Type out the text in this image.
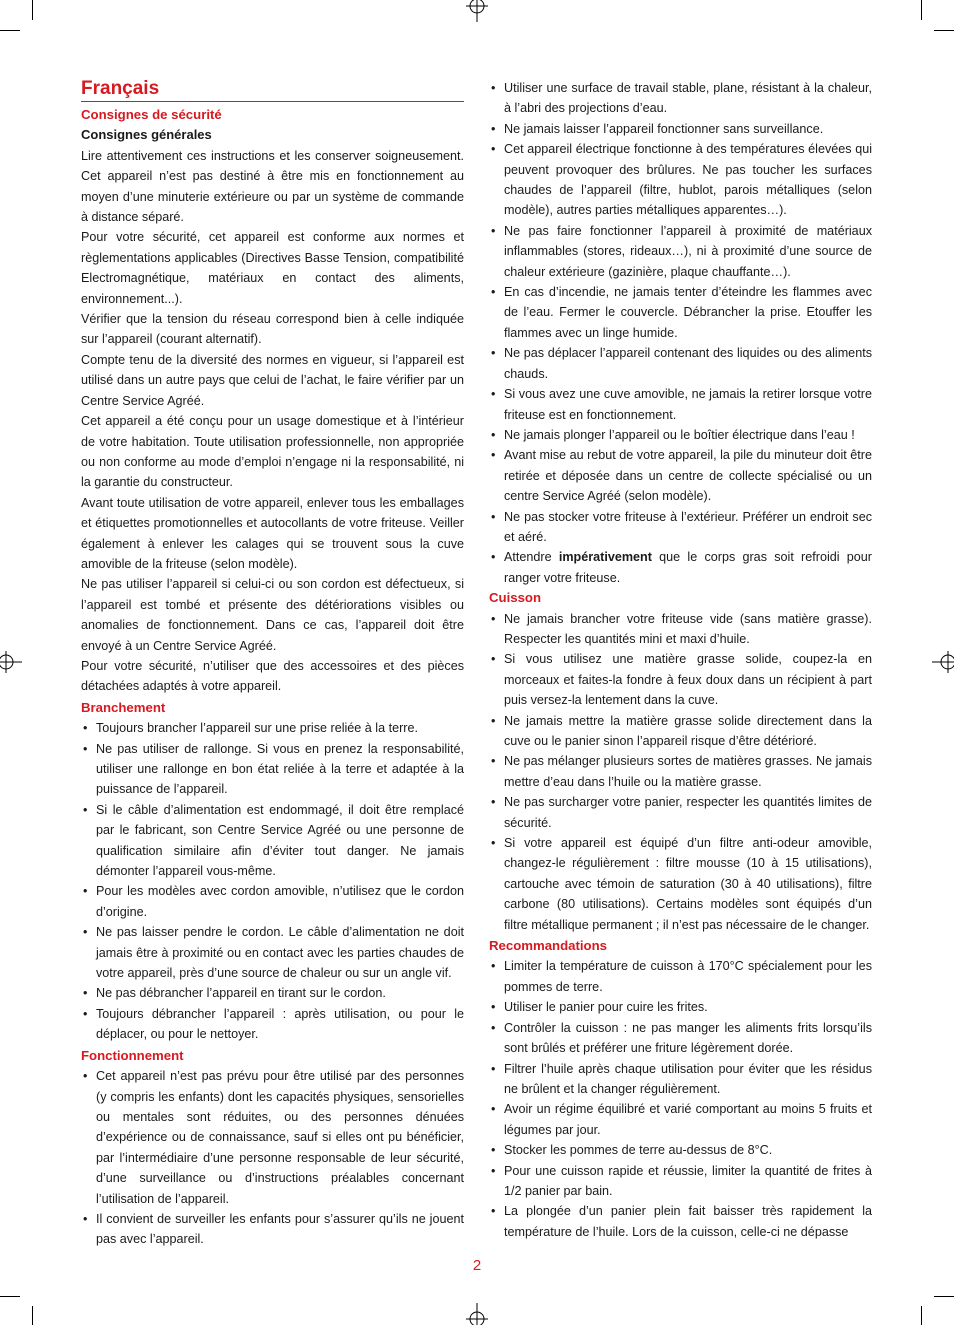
Français
Consignes de sécurité
Consignes générales

Lire attentivement ces instructions et les conserver soigneusement. Cet appareil n’est pas destiné à être mis en fonctionnement au moyen d’une minuterie extérieure ou par un système de commande à distance séparé.

Pour votre sécurité, cet appareil est conforme aux normes et règlementations applicables (Directives Basse Tension, compatibilité Electromagnétique, matériaux en contact des aliments, environnement...).

Vérifier que la tension du réseau correspond bien à celle indiquée sur l’appareil (courant alternatif).

Compte tenu de la diversité des normes en vigueur, si l’appareil est utilisé dans un autre pays que celui de l’achat, le faire vérifier par un Centre Service Agréé.

Cet appareil a été conçu pour un usage domestique et à l’intérieur de votre habitation. Toute utilisation professionnelle, non appropriée ou non conforme au mode d’emploi n’engage ni la responsabilité, ni la garantie du constructeur.

Avant toute utilisation de votre appareil, enlever tous les emballages et étiquettes promotionnelles et autocollants de votre friteuse. Veiller également à enlever les calages qui se trouvent sous la cuve amovible de la friteuse (selon modèle).

Ne pas utiliser l’appareil si celui-ci ou son cordon est défectueux, si l’appareil est tombé et présente des détériorations visibles ou anomalies de fonctionnement. Dans ce cas, l’appareil doit être envoyé à un Centre Service Agréé.

Pour votre sécurité, n’utiliser que des accessoires et des pièces détachées adaptés à votre appareil.

Branchement
• Toujours brancher l’appareil sur une prise reliée à la terre.
• Ne pas utiliser de rallonge. Si vous en prenez la responsabilité, utiliser une rallonge en bon état reliée à la terre et adaptée à la puissance de l’appareil.
• Si le câble d’alimentation est endommagé, il doit être remplacé par le fabricant, son Centre Service Agréé ou une personne de qualification similaire afin d’éviter tout danger. Ne jamais démonter l’appareil vous-même.
• Pour les modèles avec cordon amovible, n’utilisez que le cordon d’origine.
• Ne pas laisser pendre le cordon. Le câble d’alimentation ne doit jamais être à proximité ou en contact avec les parties chaudes de votre appareil, près d’une source de chaleur ou sur un angle vif.
• Ne pas débrancher l’appareil en tirant sur le cordon.
• Toujours débrancher l’appareil : après utilisation, ou pour le déplacer, ou pour le nettoyer.
Fonctionnement
• Cet appareil n’est pas prévu pour être utilisé par des personnes (y compris les enfants) dont les capacités physiques, sensorielles ou mentales sont réduites, ou des personnes dénuées d’expérience ou de connaissance, sauf si elles ont pu bénéficier, par l’intermédiaire d’une personne responsable de leur sécurité, d’une surveillance ou d’instructions préalables concernant l’utilisation de l’appareil.
• Il convient de surveiller les enfants pour s’assurer qu’ils ne jouent pas avec l’appareil.
• Utiliser une surface de travail stable, plane, résistant à la chaleur, à l’abri des projections d’eau.
• Ne jamais laisser l’appareil fonctionner sans surveillance.
• Cet appareil électrique fonctionne à des températures élevées qui peuvent provoquer des brûlures. Ne pas toucher les surfaces chaudes de l’appareil (filtre, hublot, parois métalliques (selon modèle), autres parties métalliques apparentes…).
• Ne pas faire fonctionner l’appareil à proximité de matériaux inflammables (stores, rideaux…), ni à proximité d’une source de chaleur extérieure (gazinière, plaque chauffante…).
• En cas d’incendie, ne jamais tenter d’éteindre les flammes avec de l’eau. Fermer le couvercle. Débrancher la prise. Etouffer les flammes avec un linge humide.
• Ne pas déplacer l’appareil contenant des liquides ou des aliments chauds.
• Si vous avez une cuve amovible, ne jamais la retirer lorsque votre friteuse est en fonctionnement.
• Ne jamais plonger l’appareil ou le boîtier électrique dans l’eau !
• Avant mise au rebut de votre appareil, la pile du minuteur doit être retirée et déposée dans un centre de collecte spécialisé ou un centre Service Agréé (selon modèle).
• Ne pas stocker votre friteuse à l’extérieur. Préférer un endroit sec et aéré.
• Attendre impérativement que le corps gras soit refroidi pour ranger votre friteuse.
Cuisson
• Ne jamais brancher votre friteuse vide (sans matière grasse). Respecter les quantités mini et maxi d’huile.
• Si vous utilisez une matière grasse solide, coupez-la en morceaux et faites-la fondre à feux doux dans un récipient à part puis versez-la lentement dans la cuve.
• Ne jamais mettre la matière grasse solide directement dans la cuve ou le panier sinon l’appareil risque d’être détérioré.
• Ne pas mélanger plusieurs sortes de matières grasses. Ne jamais mettre d’eau dans l’huile ou la matière grasse.
• Ne pas surcharger votre panier, respecter les quantités limites de sécurité.
• Si votre appareil est équipé d’un filtre anti-odeur amovible, changez-le régulièrement : filtre mousse (10 à 15 utilisations), cartouche avec témoin de saturation (30 à 40 utilisations), filtre carbone (80 utilisations). Certains modèles sont équipés d’un filtre métallique permanent ; il n’est pas nécessaire de le changer.
Recommandations
• Limiter la température de cuisson à 170°C spécialement pour les pommes de terre.
• Utiliser le panier pour cuire les frites.
• Contrôler la cuisson : ne pas manger les aliments frits lorsqu’ils sont brûlés et préférer une friture légèrement dorée.
• Filtrer l’huile après chaque utilisation pour éviter que les résidus ne brûlent et la changer régulièrement.
• Avoir un régime équilibré et varié comportant au moins 5 fruits et légumes par jour.
• Stocker les pommes de terre au-dessus de 8°C.
• Pour une cuisson rapide et réussie, limiter la quantité de frites à 1/2 panier par bain.
• La plongée d’un panier plein fait baisser très rapidement la température de l’huile. Lors de la cuisson, celle-ci ne dépasse
2
